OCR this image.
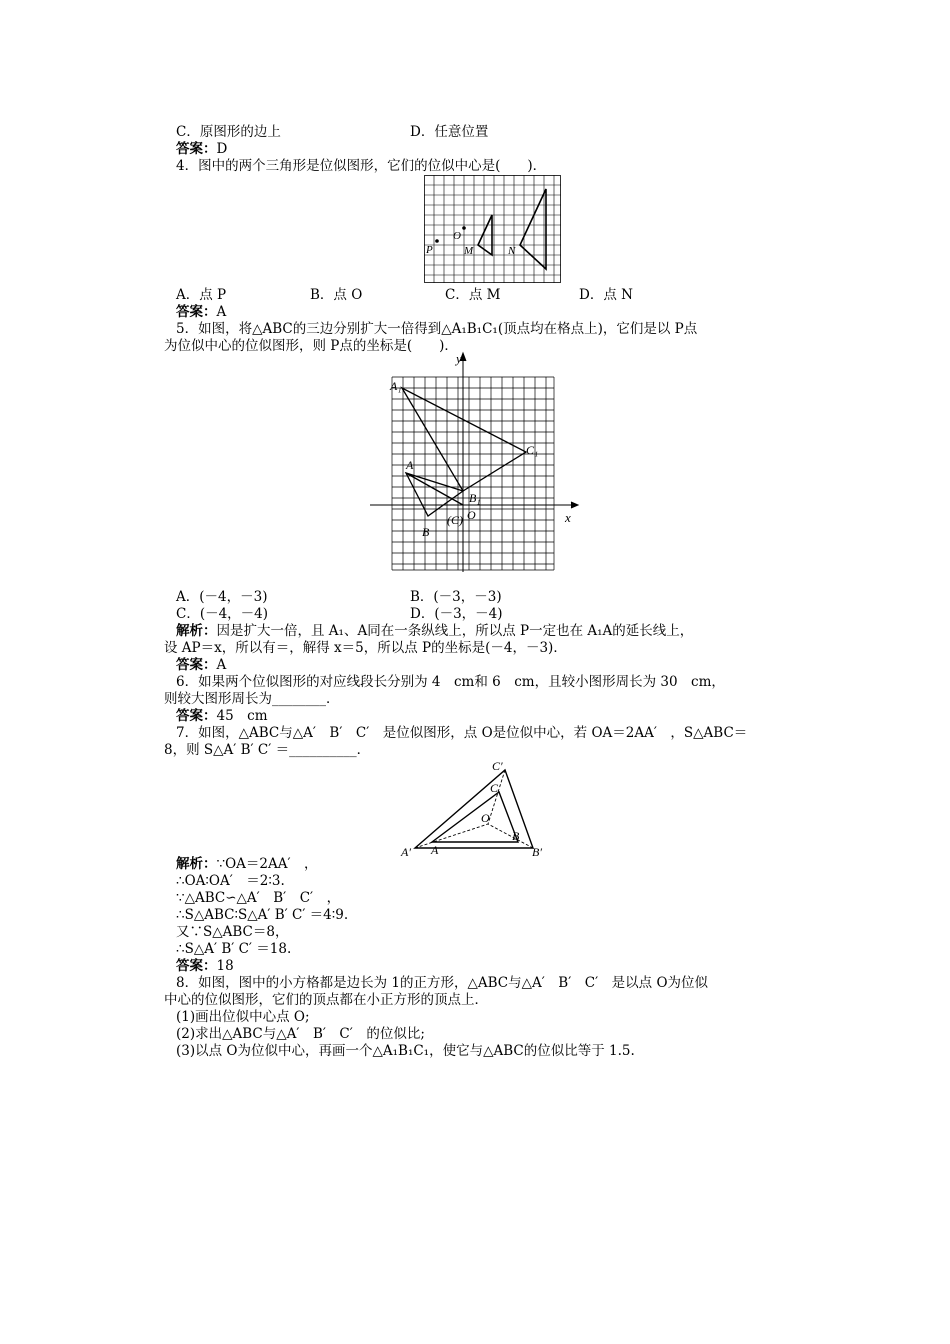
C．原图形的边上	D．任意位置
答案：D
4．图中的两个三角形是位似图形，它们的位似中心是(　　)．
P
O
M	N
A．点 P	B．点 O	C．点 M	D．点 N
答案：A
5．如图，将△ABC的三边分别扩大一倍得到△A₁B₁C₁(顶点均在格点上)，它们是以 P点
为位似中心的位似图形，则 P点的坐标是(　　)．
y
x
A₁
C₁
A
B₁
O
(C)
B
A．(－4，－3)	B．(－3，－3)
C．(－4，－4)	D．(－3，－4)
解析：因是扩大一倍，且 A₁、A同在一条纵线上，所以点 P一定也在 A₁A的延长线上，
设 AP＝x，所以有＝，解得 x＝5，所以点 P的坐标是(－4，－3)．
答案：A
6．如果两个位似图形的对应线段长分别为 4　cm和 6　cm，且较小图形周长为 30　cm，
则较大图形周长为________．
答案：45　cm
7．如图，△ABC与△A′　B′　C′　是位似图形，点 O是位似中心，若 OA＝2AA′　，S△ABC＝
8，则 S△A′ B′ C′ ＝__________．
C′
C
O
B
A′ A	B′
解析：∵OA＝2AA′　，
∴OA∶OA′　＝2∶3.
∵△ABC∽△A′　B′　C′　，
∴S△ABC∶S△A′ B′ C′ ＝4∶9.
又∵S△ABC＝8，
∴S△A′ B′ C′ ＝18.
答案：18
8．如图，图中的小方格都是边长为 1的正方形，△ABC与△A′　B′　C′　是以点 O为位似
中心的位似图形，它们的顶点都在小正方形的顶点上．
(1)画出位似中心点 O;
(2)求出△ABC与△A′　B′　C′　的位似比;
(3)以点 O为位似中心，再画一个△A₁B₁C₁，使它与△ABC的位似比等于 1.5.
